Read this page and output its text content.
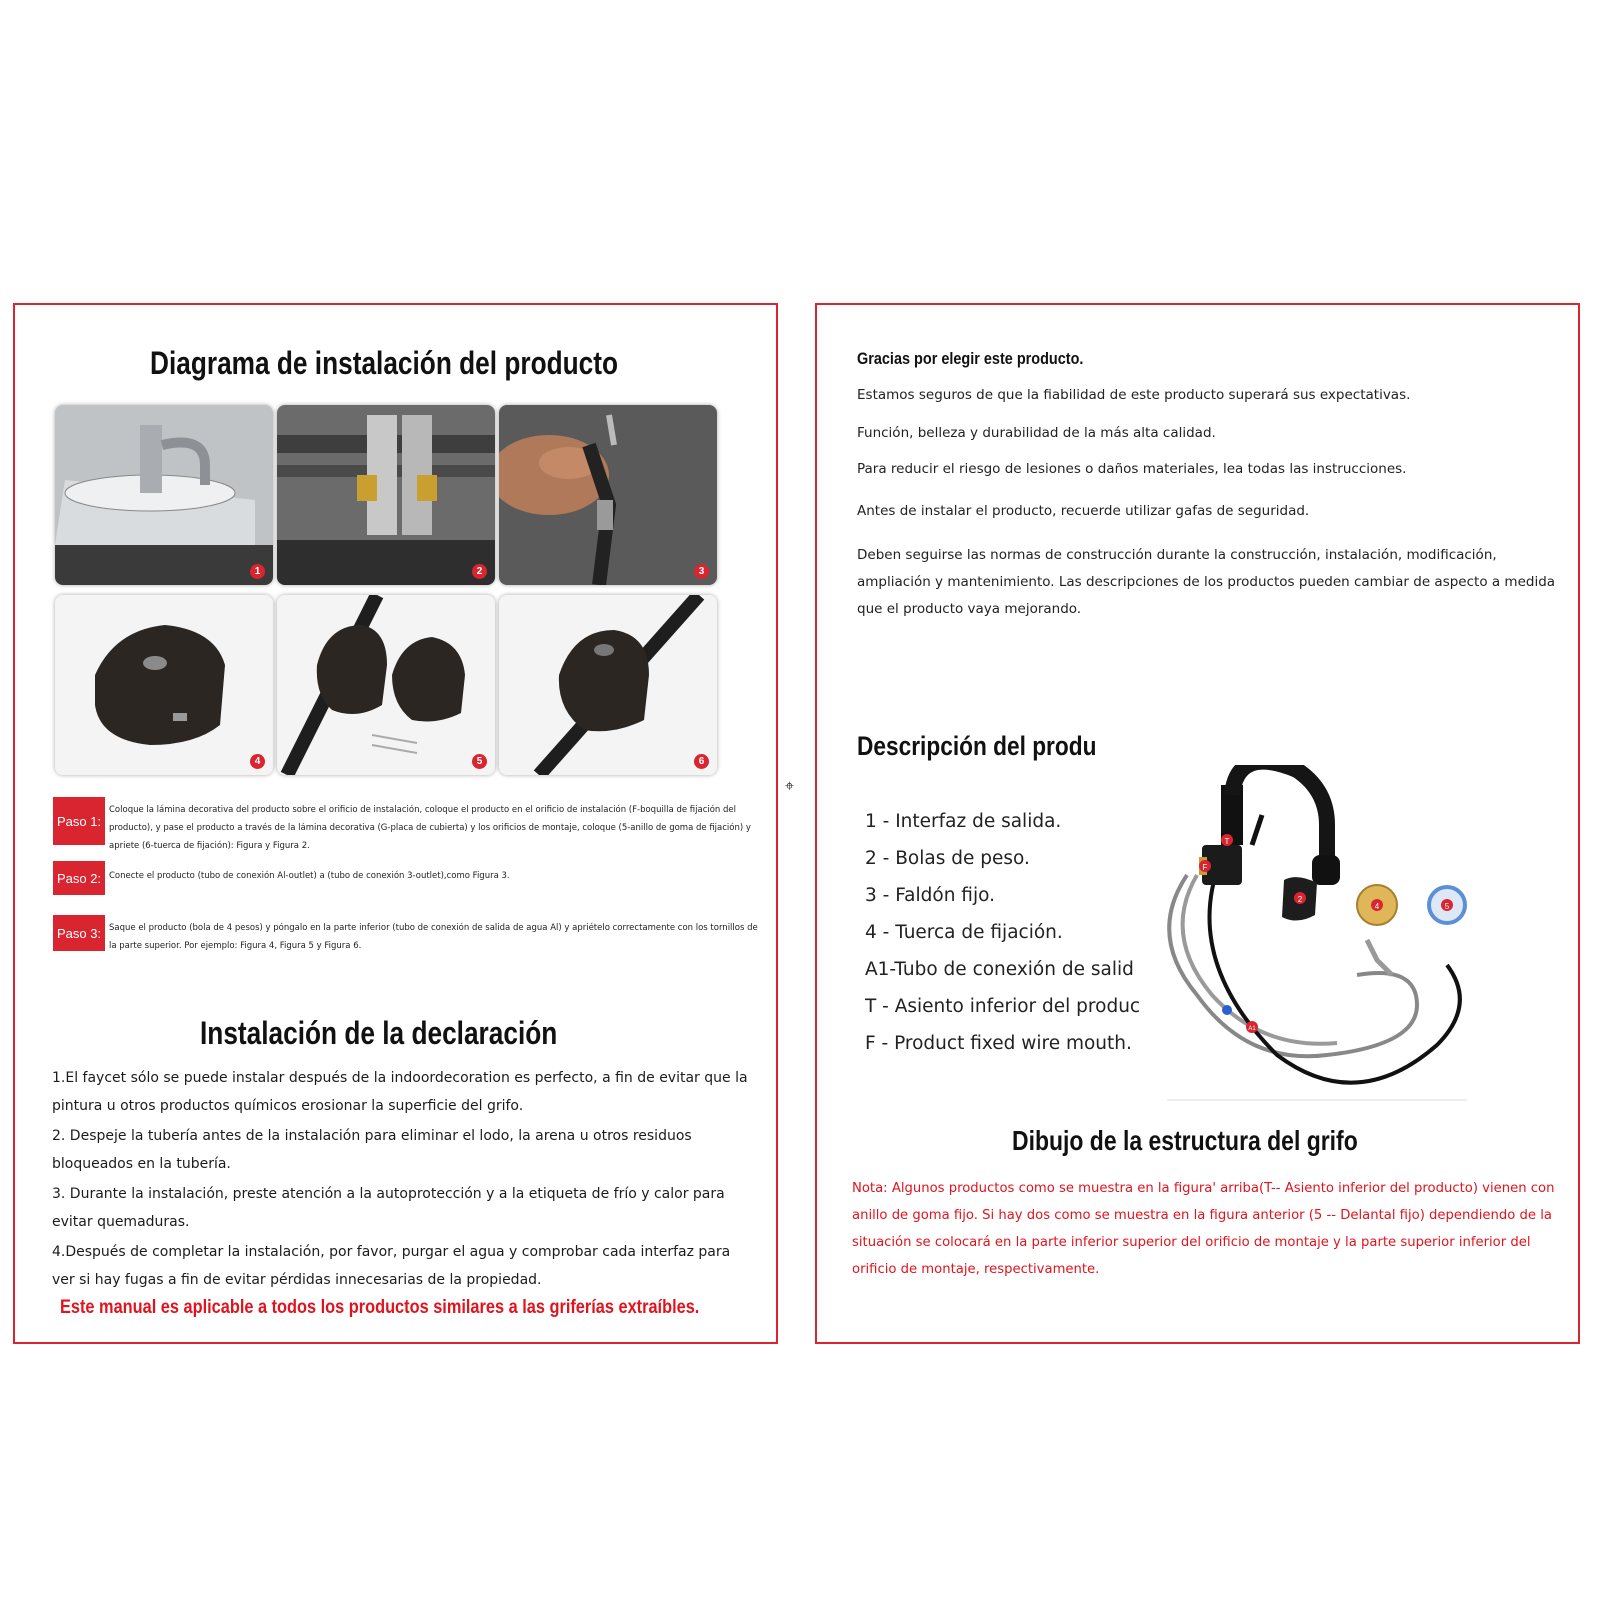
Diagrama de instalación del producto
1	2	3
4	5	6
Paso 1:
Coloque la lámina decorativa del producto sobre el orificio de instalación, coloque el producto en el orificio de instalación (F-boquilla de fijación del producto), y pase el producto a través de la lámina decorativa (G-placa de cubierta) y los orificios de montaje, coloque (5-anillo de goma de fijación) y apriete (6-tuerca de fijación): Figura y Figura 2.
Paso 2: Conecte el producto (tubo de conexión Al-outlet) a (tubo de conexión 3-outlet),como Figura 3.
Paso 3: Saque el producto (bola de 4 pesos) y póngalo en la parte inferior (tubo de conexión de salida de agua Al) y apriételo correctamente con los tornillos de la parte superior. Por ejemplo: Figura 4, Figura 5 y Figura 6.
Instalación de la declaración

1.El faycet sólo se puede instalar después de la indoordecoration es perfecto, a fin de evitar que la pintura u otros productos químicos erosionar la superficie del grifo.

2. Despeje la tubería antes de la instalación para eliminar el lodo, la arena u otros residuos bloqueados en la tubería.

3. Durante la instalación, preste atención a la autoprotección y a la etiqueta de frío y calor para evitar quemaduras.

4.Después de completar la instalación, por favor, purgar el agua y comprobar cada interfaz para ver si hay fugas a fin de evitar pérdidas innecesarias de la propiedad.

Este manual es aplicable a todos los productos similares a las griferías extraíbles.
⌖
Gracias por elegir este producto.

Estamos seguros de que la fiabilidad de este producto superará sus expectativas.

Función, belleza y durabilidad de la más alta calidad.

Para reducir el riesgo de lesiones o daños materiales, lea todas las instrucciones.

Antes de instalar el producto, recuerde utilizar gafas de seguridad.

Deben seguirse las normas de construcción durante la construcción, instalación, modificación, ampliación y mantenimiento. Las descripciones de los productos pueden cambiar de aspecto a medida que el producto vaya mejorando.

Descripción del produ
1 - Interfaz de salida.
2 - Bolas de peso.
3 - Faldón fijo.
4 - Tuerca de fijación.
A1-Tubo de conexión de salid
T - Asiento inferior del produc
F - Product fixed wire mouth.
T
F
2
4	5
A1
Dibujo de la estructura del grifo
Nota: Algunos productos como se muestra en la figura' arriba(T-- Asiento inferior del producto) vienen con anillo de goma fijo. Si hay dos como se muestra en la figura anterior (5 -- Delantal fijo) dependiendo de la situación se colocará en la parte inferior superior del orificio de montaje y la parte superior inferior del orificio de montaje, respectivamente.
